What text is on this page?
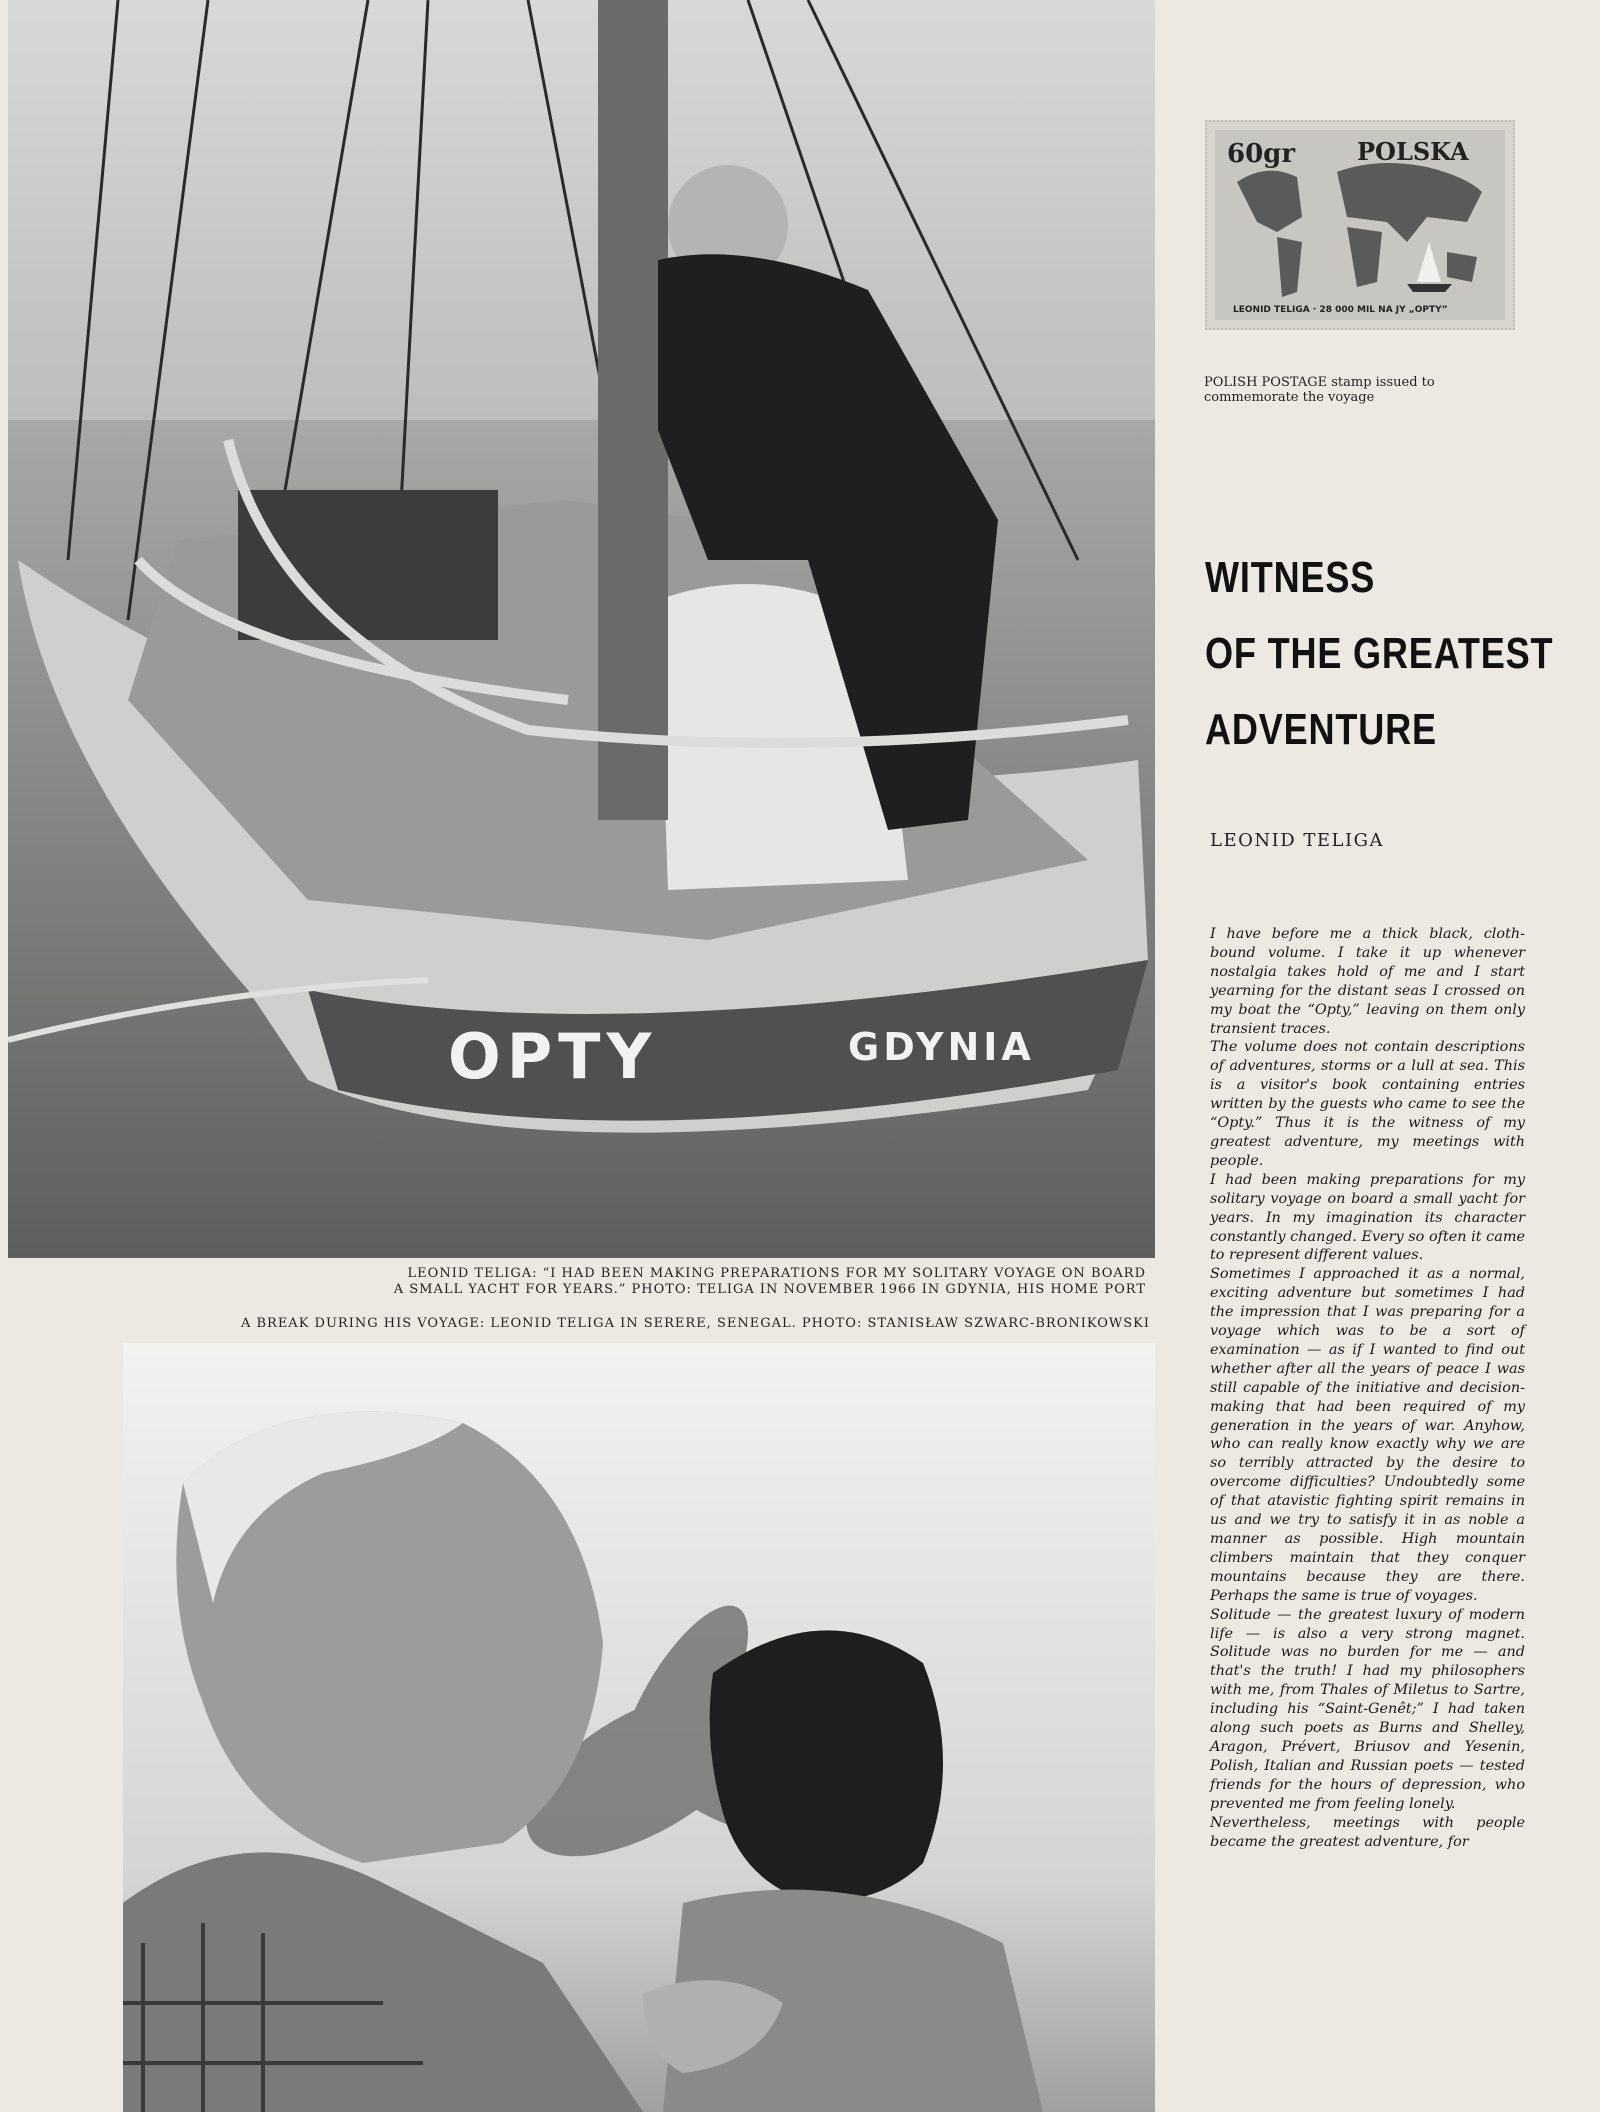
OPTY	GDYNIA
LEONID TELIGA: “I HAD BEEN MAKING PREPARATIONS FOR MY SOLITARY VOYAGE ON BOARD
A SMALL YACHT FOR YEARS.” PHOTO: TELIGA IN NOVEMBER 1966 IN GDYNIA, HIS HOME PORT
A BREAK DURING HIS VOYAGE: LEONID TELIGA IN SERERE, SENEGAL. PHOTO: STANISŁAW SZWARC-BRONIKOWSKI
60gr	POLSKA
LEONID TELIGA · 28 000 MIL NA JY „OPTY”
POLISH POSTAGE stamp issued to commemorate the voyage
WITNESS
OF THE GREATEST
ADVENTURE
LEONID TELIGA

I have before me a thick black, cloth-bound volume. I take it up whenever nostalgia takes hold of me and I start yearning for the distant seas I crossed on my boat the “Opty,” leaving on them only transient traces.

The volume does not contain descriptions of adventures, storms or a lull at sea. This is a visitor's book containing entries written by the guests who came to see the “Opty.” Thus it is the witness of my greatest adventure, my meetings with people.

I had been making preparations for my solitary voyage on board a small yacht for years. In my imagination its character constantly changed. Every so often it came to represent different values.

Sometimes I approached it as a normal, exciting adventure but sometimes I had the impression that I was preparing for a voyage which was to be a sort of examination — as if I wanted to find out whether after all the years of peace I was still capable of the initiative and decision-making that had been required of my generation in the years of war. Anyhow, who can really know exactly why we are so terribly attracted by the desire to overcome difficulties? Undoubtedly some of that atavistic fighting spirit remains in us and we try to satisfy it in as noble a manner as possible. High mountain climbers maintain that they conquer mountains because they are there. Perhaps the same is true of voyages.

Solitude — the greatest luxury of modern life — is also a very strong magnet. Solitude was no burden for me — and that's the truth! I had my philosophers with me, from Thales of Miletus to Sartre, including his “Saint-Genêt;” I had taken along such poets as Burns and Shelley, Aragon, Prévert, Briusov and Yesenin, Polish, Italian and Russian poets — tested friends for the hours of depression, who prevented me from feeling lonely.

Nevertheless, meetings with people became the greatest adventure, for
